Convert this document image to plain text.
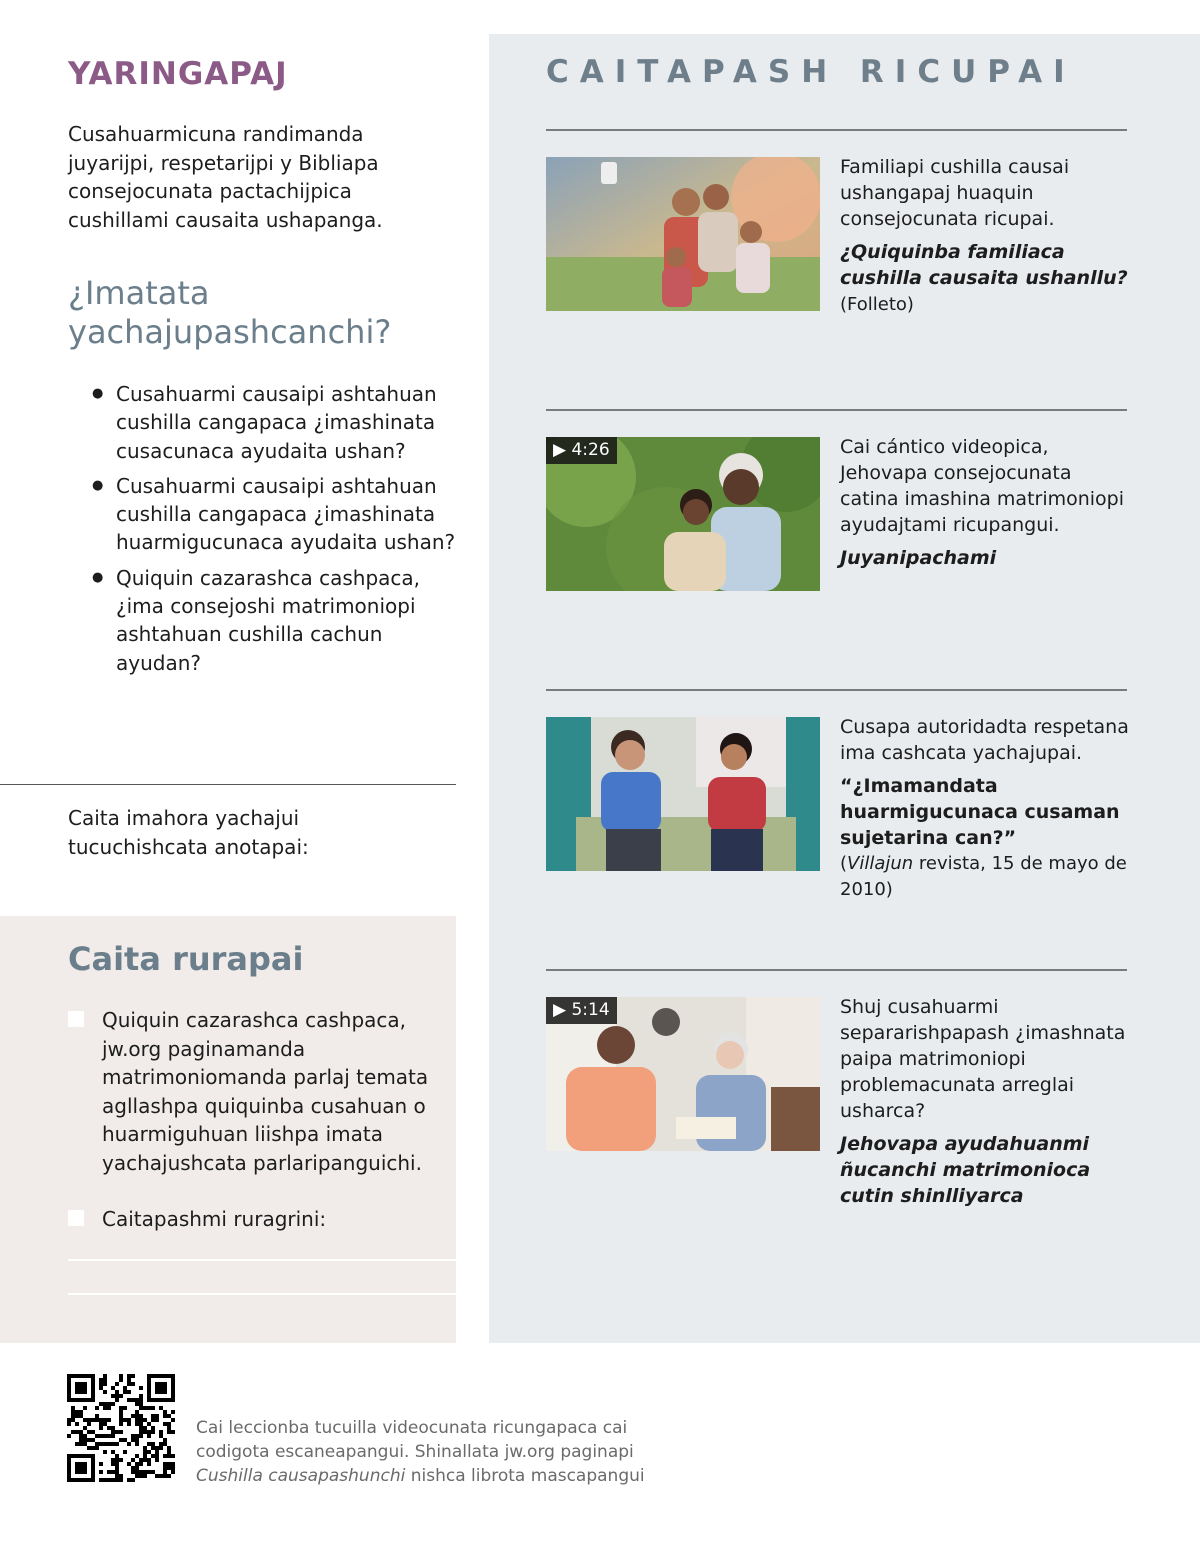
YARINGAPAJ

Cusahuarmicuna randimanda juyarijpi, respetarijpi y Bibliapa consejocunata pactachijpica cushillami causaita ushapanga.

¿Imatata yachajupashcanchi?
● Cusahuarmi causaipi ashtahuan cushilla cangapaca ¿imashinata cusacunaca ayudaita ushan?
● Cusahuarmi causaipi ashtahuan cushilla cangapaca ¿imashinata huarmigucunaca ayudaita ushan?
● Quiquin cazarashca cashpaca, ¿ima consejoshi matrimoniopi ashtahuan cushilla cachun ayudan?

Caita imahora yachajui tucuchishcata anotapai:

Caita rurapai
Quiquin cazarashca cashpaca, jw.org paginamanda matrimoniomanda parlaj temata agllashpa quiquinba cusahuan o huarmiguhuan liishpa imata yachajushcata parlaripanguichi.
Caitapashmi ruragrini:
CAITAPASH RICUPAI

Familiapi cushilla causai ushangapaj huaquin consejocunata ricupai.

¿Quiquinba familiaca cushilla causaita ushanllu? (Folleto)

▶ 4:26	Cai cántico videopica, Jehovapa consejocunata catina imashina matrimoniopi ayudajtami ricupangui.

Juyanipachami

Cusapa autoridadta respetana ima cashcata yachajupai.

“¿Imamandata huarmigucunaca cusaman sujetarina can?”

(Villajun revista, 15 de mayo de 2010)

▶ 5:14	Shuj cusahuarmi separarishpapash ¿imashnata paipa matrimoniopi problemacunata arreglai usharca?

Jehovapa ayudahuanmi ñucanchi matrimonioca cutin shinlliyarca

Cai leccionba tucuilla videocunata ricungapaca cai codigota escaneapangui. Shinallata jw.org paginapi Cushilla causapashunchi nishca librota mascapangui
